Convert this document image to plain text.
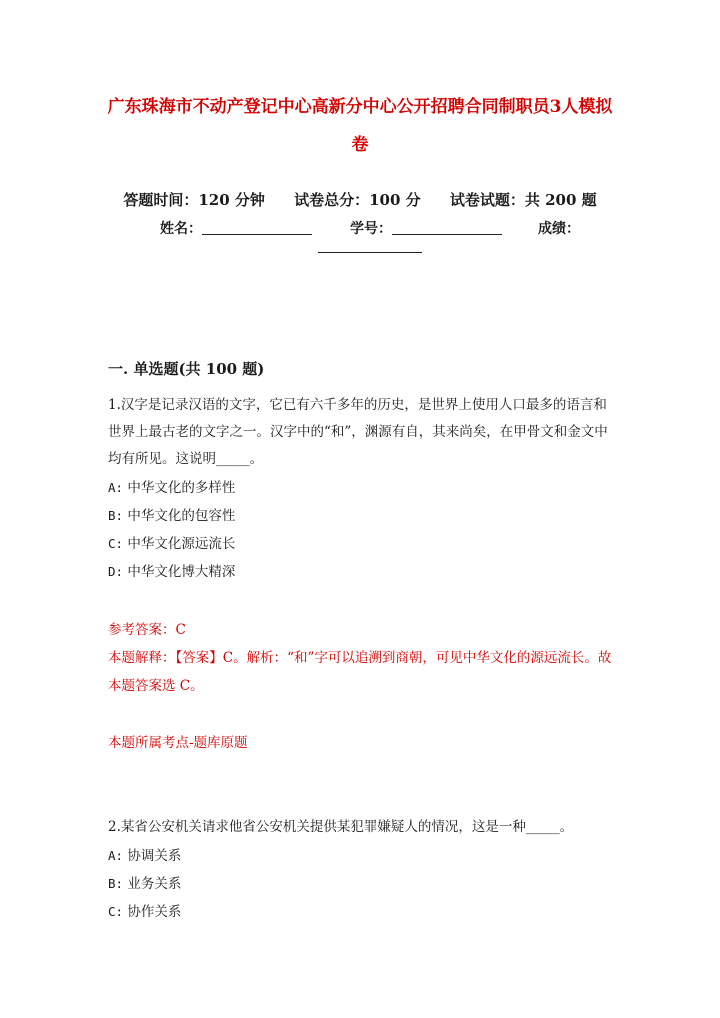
广东珠海市不动产登记中心高新分中心公开招聘合同制职员3人模拟卷
答题时间：120 分钟 试卷总分：100 分 试卷试题：共 200 题
姓名：	学号：	成绩：
一. 单选题(共 100 题)
1.汉字是记录汉语的文字，它已有六千多年的历史，是世界上使用人口最多的语言和世界上最古老的文字之一。汉字中的“和”，渊源有自，其来尚矣，在甲骨文和金文中均有所见。这说明_____。
A: 中华文化的多样性
B: 中华文化的包容性
C: 中华文化源远流长
D: 中华文化博大精深
参考答案：C
本题解释：【答案】C。解析：“和”字可以追溯到商朝，可见中华文化的源远流长。故本题答案选 C。
本题所属考点-题库原题
2.某省公安机关请求他省公安机关提供某犯罪嫌疑人的情况，这是一种_____。
A: 协调关系
B: 业务关系
C: 协作关系
